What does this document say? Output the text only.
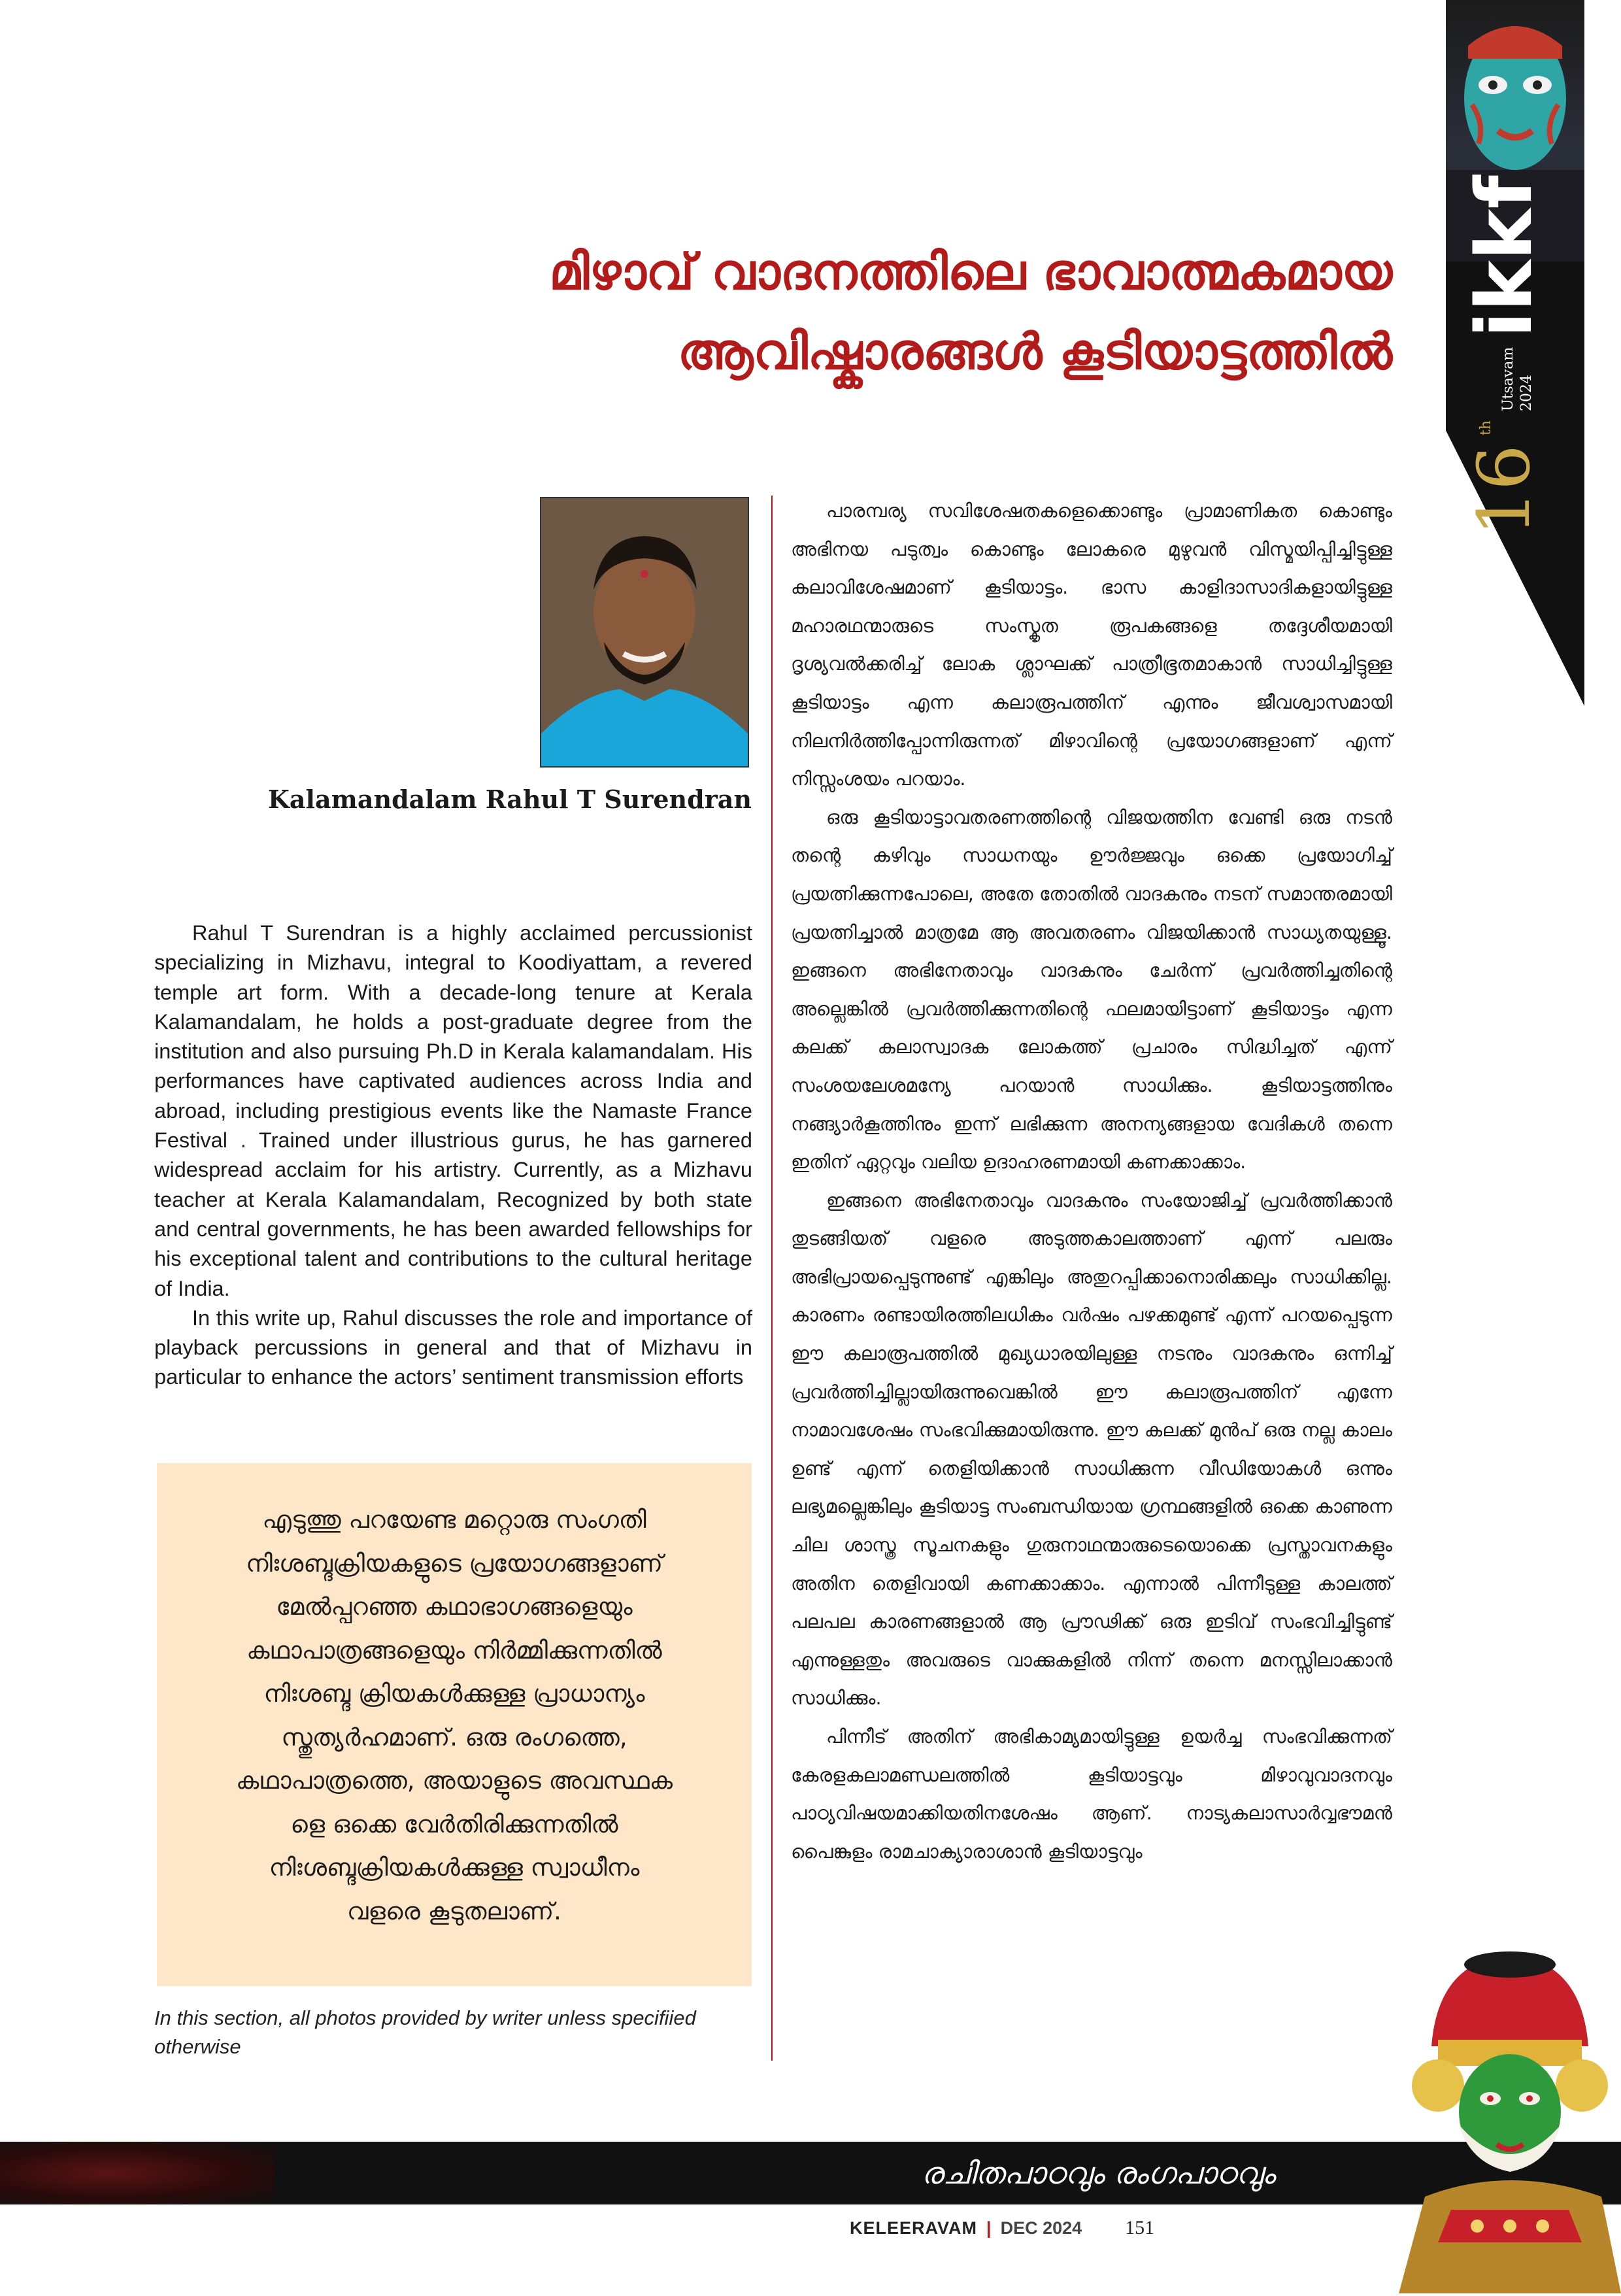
16
th
Utsavam 2024
ikkf
മിഴാവ് വാദനത്തിലെ ഭാവാത്മകമായ
ആവിഷ്കാരങ്ങൾ കൂടിയാട്ടത്തിൽ
Kalamandalam Rahul T Surendran

Rahul T Surendran is a highly acclaimed percussionist specializing in Mizhavu, integral to Koodiyattam, a revered temple art form. With a decade-long tenure at Kerala Kalamandalam, he holds a post-graduate degree from the institution and also pursuing Ph.D in Kerala kalamandalam. His performances have captivated audiences across India and abroad, including prestigious events like the Namaste France Festival . Trained under illustrious gurus, he has garnered widespread acclaim for his artistry. Currently, as a Mizhavu teacher at Kerala Kalamandalam, Recognized by both state and central governments, he has been awarded fellowships for his exceptional talent and contributions to the cultural heritage of India.

In this write up, Rahul discusses the role and importance of playback percussions in general and that of Mizhavu in particular to enhance the actors’ sentiment transmission efforts

എടുത്തു പറയേണ്ട മറ്റൊരു സംഗതി
നിഃശബ്ദക്രിയകളുടെ പ്രയോഗങ്ങളാണ്
മേൽപ്പറഞ്ഞ കഥാഭാഗങ്ങളെയും
കഥാപാത്രങ്ങളെയും നിർമ്മിക്കുന്നതിൽ
നിഃശബ്ദ ക്രിയകൾക്കുള്ള പ്രാധാന്യം
സ്തുത്യർഹമാണ്. ഒരു രംഗത്തെ,
കഥാപാത്രത്തെ, അയാളുടെ അവസ്ഥക
ളെ ഒക്കെ വേർതിരിക്കുന്നതിൽ
നിഃശബ്ദക്രിയകൾക്കുള്ള സ്വാധീനം
വളരെ കൂടുതലാണ്.
In this section, all photos provided by writer unless specifiied otherwise

പാരമ്പര്യ സവിശേഷതകളെക്കൊണ്ടും പ്രാമാണികത കൊണ്ടും അഭിനയ പടുത്വം കൊണ്ടും ലോകരെ മുഴുവൻ വിസ്മയിപ്പിച്ചിട്ടുള്ള കലാവിശേഷമാണ് കൂടിയാട്ടം. ഭാസ കാളിദാസാദികളായിട്ടുള്ള മഹാരഥന്മാരുടെ സംസ്കൃത രൂപകങ്ങളെ തദ്ദേശീയമായി ദൃശ്യവൽക്കരിച്ച് ലോക ശ്ലാഘക്ക് പാത്രീഭൂതമാകാൻ സാധിച്ചിട്ടുള്ള കൂടിയാട്ടം എന്ന കലാരൂപത്തിന് എന്നും ജീവശ്വാസമായി നിലനിർത്തിപ്പോന്നിരുന്നത് മിഴാവിന്റെ പ്രയോഗങ്ങളാണ് എന്ന് നിസ്സംശയം പറയാം.

ഒരു കൂടിയാട്ടാവതരണത്തിന്റെ വിജയത്തിന വേണ്ടി ഒരു നടൻ തന്റെ കഴിവും സാധനയും ഊർജ്ജവും ഒക്കെ പ്രയോഗിച്ച് പ്രയത്നിക്കുന്നപോലെ, അതേ തോതിൽ വാദകനും നടന് സമാന്തരമായി പ്രയത്നിച്ചാൽ മാത്രമേ ആ അവതരണം വിജയിക്കാൻ സാധ്യതയുള്ളൂ. ഇങ്ങനെ അഭിനേതാവും വാദകനും ചേർന്ന് പ്രവർത്തിച്ചതിന്റെ അല്ലെങ്കിൽ പ്രവർത്തിക്കുന്നതിന്റെ ഫലമായിട്ടാണ് കൂടിയാട്ടം എന്ന കലക്ക് കലാസ്വാദക ലോകത്ത് പ്രചാരം സിദ്ധിച്ചത് എന്ന് സംശയലേശമന്യേ പറയാൻ സാധിക്കും. കൂടിയാട്ടത്തിനും നങ്ങ്യാർകൂത്തിനും ഇന്ന് ലഭിക്കുന്ന അനന്യങ്ങളായ വേദികൾ തന്നെ ഇതിന് ഏറ്റവും വലിയ ഉദാഹരണമായി കണക്കാക്കാം.

ഇങ്ങനെ അഭിനേതാവും വാദകനും സംയോജിച്ച് പ്രവർത്തിക്കാൻ തുടങ്ങിയത് വളരെ അടുത്തകാലത്താണ് എന്ന് പലരും അഭിപ്രായപ്പെടുന്നുണ്ട് എങ്കിലും അതുറപ്പിക്കാനൊരിക്കലും സാധിക്കില്ല. കാരണം രണ്ടായിരത്തിലധികം വർഷം പഴക്കമുണ്ട് എന്ന് പറയപ്പെടുന്ന ഈ കലാരൂപത്തിൽ മുഖ്യധാരയിലുള്ള നടനും വാദകനും ഒന്നിച്ച് പ്രവർത്തിച്ചില്ലായിരുന്നുവെങ്കിൽ ഈ കലാരൂപത്തിന് എന്നേ നാമാവശേഷം സംഭവിക്കുമായിരുന്നു. ഈ കലക്ക് മുൻപ് ഒരു നല്ല കാലം ഉണ്ട് എന്ന് തെളിയിക്കാൻ സാധിക്കുന്ന വീഡിയോകൾ ഒന്നും ലഭ്യമല്ലെങ്കിലും കൂടിയാട്ട സംബന്ധിയായ ഗ്രന്ഥങ്ങളിൽ ഒക്കെ കാണുന്ന ചില ശാസ്ത്ര സൂചനകളും ഗുരുനാഥന്മാരുടെയൊക്കെ പ്രസ്താവനകളും അതിന തെളിവായി കണക്കാക്കാം. എന്നാൽ പിന്നീടുള്ള കാലത്ത് പലപല കാരണങ്ങളാൽ ആ പ്രൗഢിക്ക് ഒരു ഇടിവ് സംഭവിച്ചിട്ടുണ്ട് എന്നുള്ളതും അവരുടെ വാക്കുകളിൽ നിന്ന് തന്നെ മനസ്സിലാക്കാൻ സാധിക്കും.

പിന്നീട് അതിന് അഭികാമ്യമായിട്ടുള്ള ഉയർച്ച സംഭവിക്കുന്നത് കേരളകലാമണ്ഡലത്തിൽ കൂടിയാട്ടവും മിഴാവുവാദനവും പാഠ്യവിഷയമാക്കിയതിനശേഷം ആണ്. നാട്യകലാസാർവ്വഭൗമൻ പൈങ്കുളം രാമചാക്യാരാശാൻ കൂടിയാട്ടവും

രചിതപാഠവും രംഗപാഠവും
KELEERAVAM | DEC 2024 151
